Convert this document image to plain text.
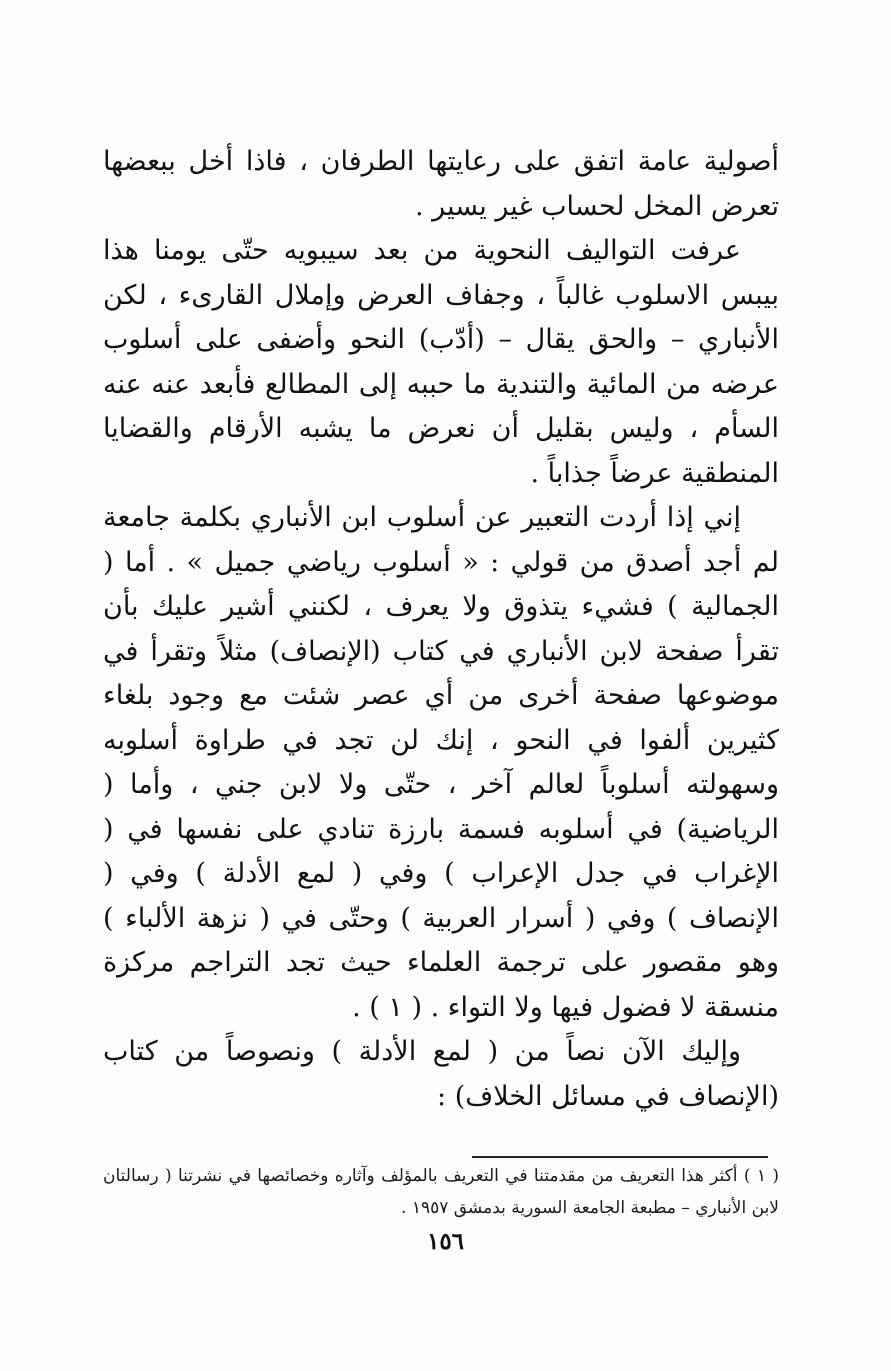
أصولية عامة اتفق على رعايتها الطرفان ، فاذا أخل ببعضها تعرض المخل لحساب غير يسير .

عرفت التواليف النحوية من بعد سيبويه حتّى يومنا هذا بيبس الاسلوب غالباً ، وجفاف العرض وإملال القارىء ، لكن الأنباري – والحق يقال – (أدّب) النحو وأضفى على أسلوب عرضه من المائية والتندية ما حببه إلى المطالع فأبعد عنه عنه السأم ، وليس بقليل أن نعرض ما يشبه الأرقام والقضايا المنطقية عرضاً جذاباً .

إني إذا أردت التعبير عن أسلوب ابن الأنباري بكلمة جامعة لم أجد أصدق من قولي : « أسلوب رياضي جميل » . أما ( الجمالية ) فشيء يتذوق ولا يعرف ، لكنني أشير عليك بأن تقرأ صفحة لابن الأنباري في كتاب (الإنصاف) مثلاً وتقرأ في موضوعها صفحة أخرى من أي عصر شئت مع وجود بلغاء كثيرين ألفوا في النحو ، إنك لن تجد في طراوة أسلوبه وسهولته أسلوباً لعالم آخر ، حتّى ولا لابن جني ، وأما ( الرياضية) في أسلوبه فسمة بارزة تنادي على نفسها في ( الإغراب في جدل الإعراب ) وفي ( لمع الأدلة ) وفي ( الإنصاف ) وفي ( أسرار العربية ) وحتّى في ( نزهة الألباء ) وهو مقصور على ترجمة العلماء حيث تجد التراجم مركزة منسقة لا فضول فيها ولا التواء . ( ١ ) .

وإليك الآن نصاً من ( لمع الأدلة ) ونصوصاً من كتاب (الإنصاف في مسائل الخلاف) :

( ١ ) أكثر هذا التعريف من مقدمتنا في التعريف بالمؤلف وآثاره وخصائصها في نشرتنا ( رسالتان لابن الأنباري – مطبعة الجامعة السورية بدمشق ١٩٥٧ .

١٥٦
